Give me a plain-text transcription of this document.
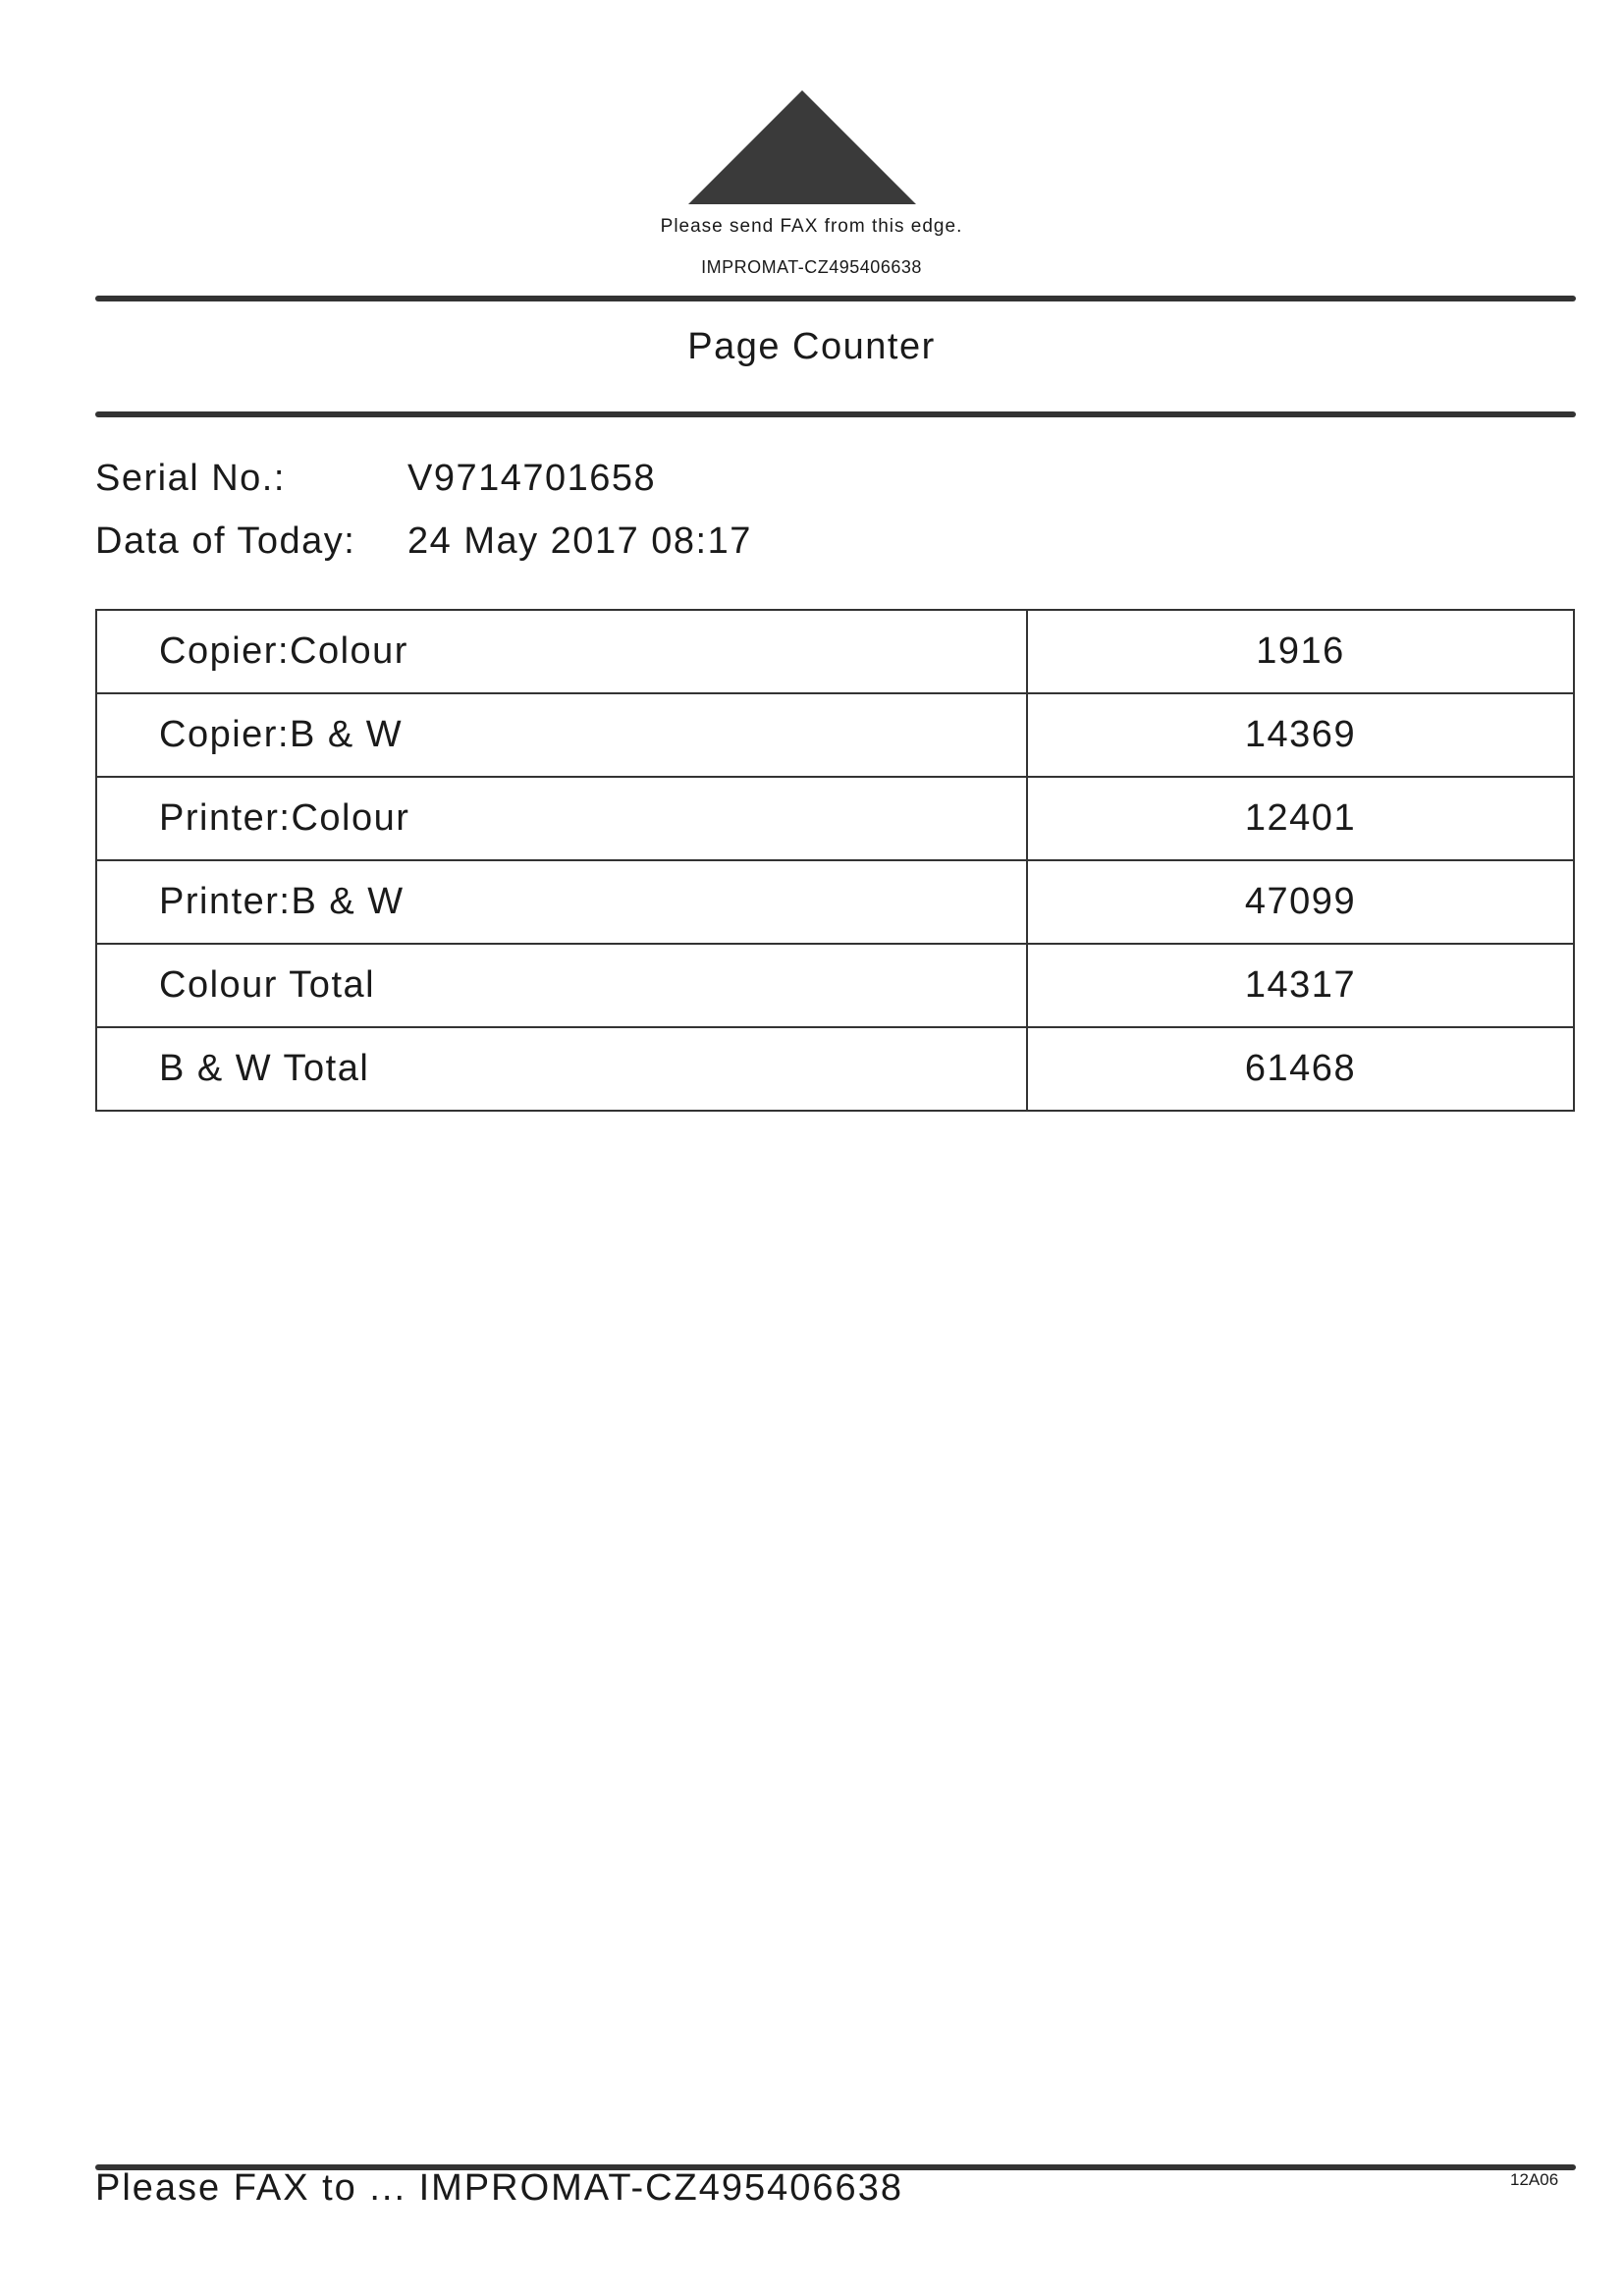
Please send FAX from this edge.
IMPROMAT-CZ495406638
Page Counter
Serial No.:	V9714701658
Data of Today: 24 May 2017 08:17
Copier:Colour	1916
Copier:B & W	14369
Printer:Colour	12401
Printer:B & W	47099
Colour Total	14317
B & W Total	61468
Please FAX to ... IMPROMAT-CZ495406638	12A06
